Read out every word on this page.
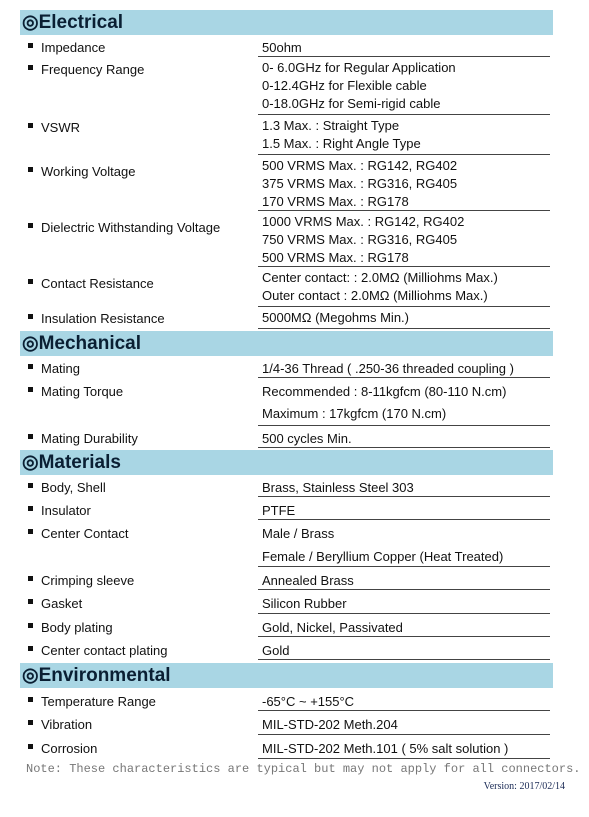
◎Electrical
Impedance	50ohm
Frequency Range	0- 6.0GHz for Regular Application
0-12.4GHz for Flexible cable
0-18.0GHz for Semi-rigid cable
VSWR	1.3 Max. : Straight Type
1.5 Max. : Right Angle Type
Working Voltage	500 VRMS Max. : RG142, RG402
375 VRMS Max. : RG316, RG405
170 VRMS Max. : RG178
Dielectric Withstanding Voltage	1000 VRMS Max. : RG142, RG402
750 VRMS Max. : RG316, RG405
500 VRMS Max. : RG178
Contact Resistance	Center contact: : 2.0MΩ (Milliohms Max.)
Outer contact : 2.0MΩ (Milliohms Max.)
Insulation Resistance	5000MΩ (Megohms Min.)
◎Mechanical
Mating	1/4-36 Thread ( .250-36 threaded coupling )
Mating Torque	Recommended : 8-11kgfcm (80-110 N.cm)
Maximum : 17kgfcm (170 N.cm)
Mating Durability	500 cycles Min.
◎Materials
Body, Shell	Brass, Stainless Steel 303
Insulator	PTFE
Center Contact	Male / Brass
Female / Beryllium Copper (Heat Treated)
Crimping sleeve	Annealed Brass
Gasket	Silicon Rubber
Body plating	Gold, Nickel, Passivated
Center contact plating	Gold
◎Environmental
Temperature Range	-65°C ~ +155°C
Vibration	MIL-STD-202 Meth.204
Corrosion	MIL-STD-202 Meth.101 ( 5% salt solution )
Note: These characteristics are typical but may not apply for all connectors.
Version: 2017/02/14
